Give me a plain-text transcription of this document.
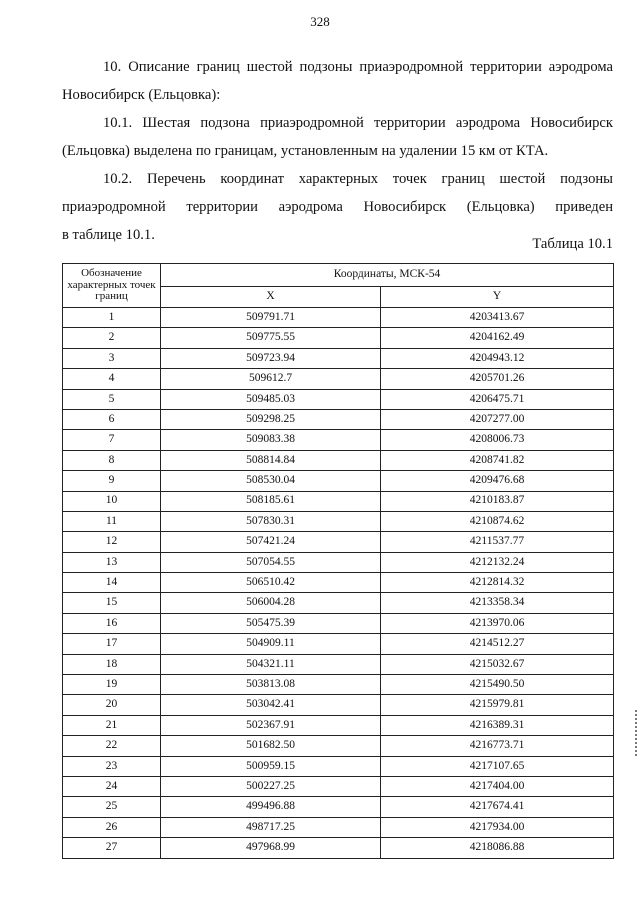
328
10. Описание границ шестой подзоны приаэродромной территории аэродрома
Новосибирск (Ельцовка):
10.1. Шестая подзона приаэродромной территории аэродрома Новосибирск
(Ельцовка) выделена по границам, установленным на удалении 15 км от КТА.
10.2. Перечень координат характерных точек границ шестой подзоны
приаэродромной территории аэродрома Новосибирск (Ельцовка) приведен
в таблице 10.1.
Таблица 10.1
Обозначение характерных точек границ	Координаты, МСК-54	
	X	Y
1	509791.71	4203413.67
2	509775.55	4204162.49
3	509723.94	4204943.12
4	509612.7	4205701.26
5	509485.03	4206475.71
6	509298.25	4207277.00
7	509083.38	4208006.73
8	508814.84	4208741.82
9	508530.04	4209476.68
10	508185.61	4210183.87
11	507830.31	4210874.62
12	507421.24	4211537.77
13	507054.55	4212132.24
14	506510.42	4212814.32
15	506004.28	4213358.34
16	505475.39	4213970.06
17	504909.11	4214512.27
18	504321.11	4215032.67
19	503813.08	4215490.50
20	503042.41	4215979.81
21	502367.91	4216389.31
22	501682.50	4216773.71
23	500959.15	4217107.65
24	500227.25	4217404.00
25	499496.88	4217674.41
26	498717.25	4217934.00
27	497968.99	4218086.88
